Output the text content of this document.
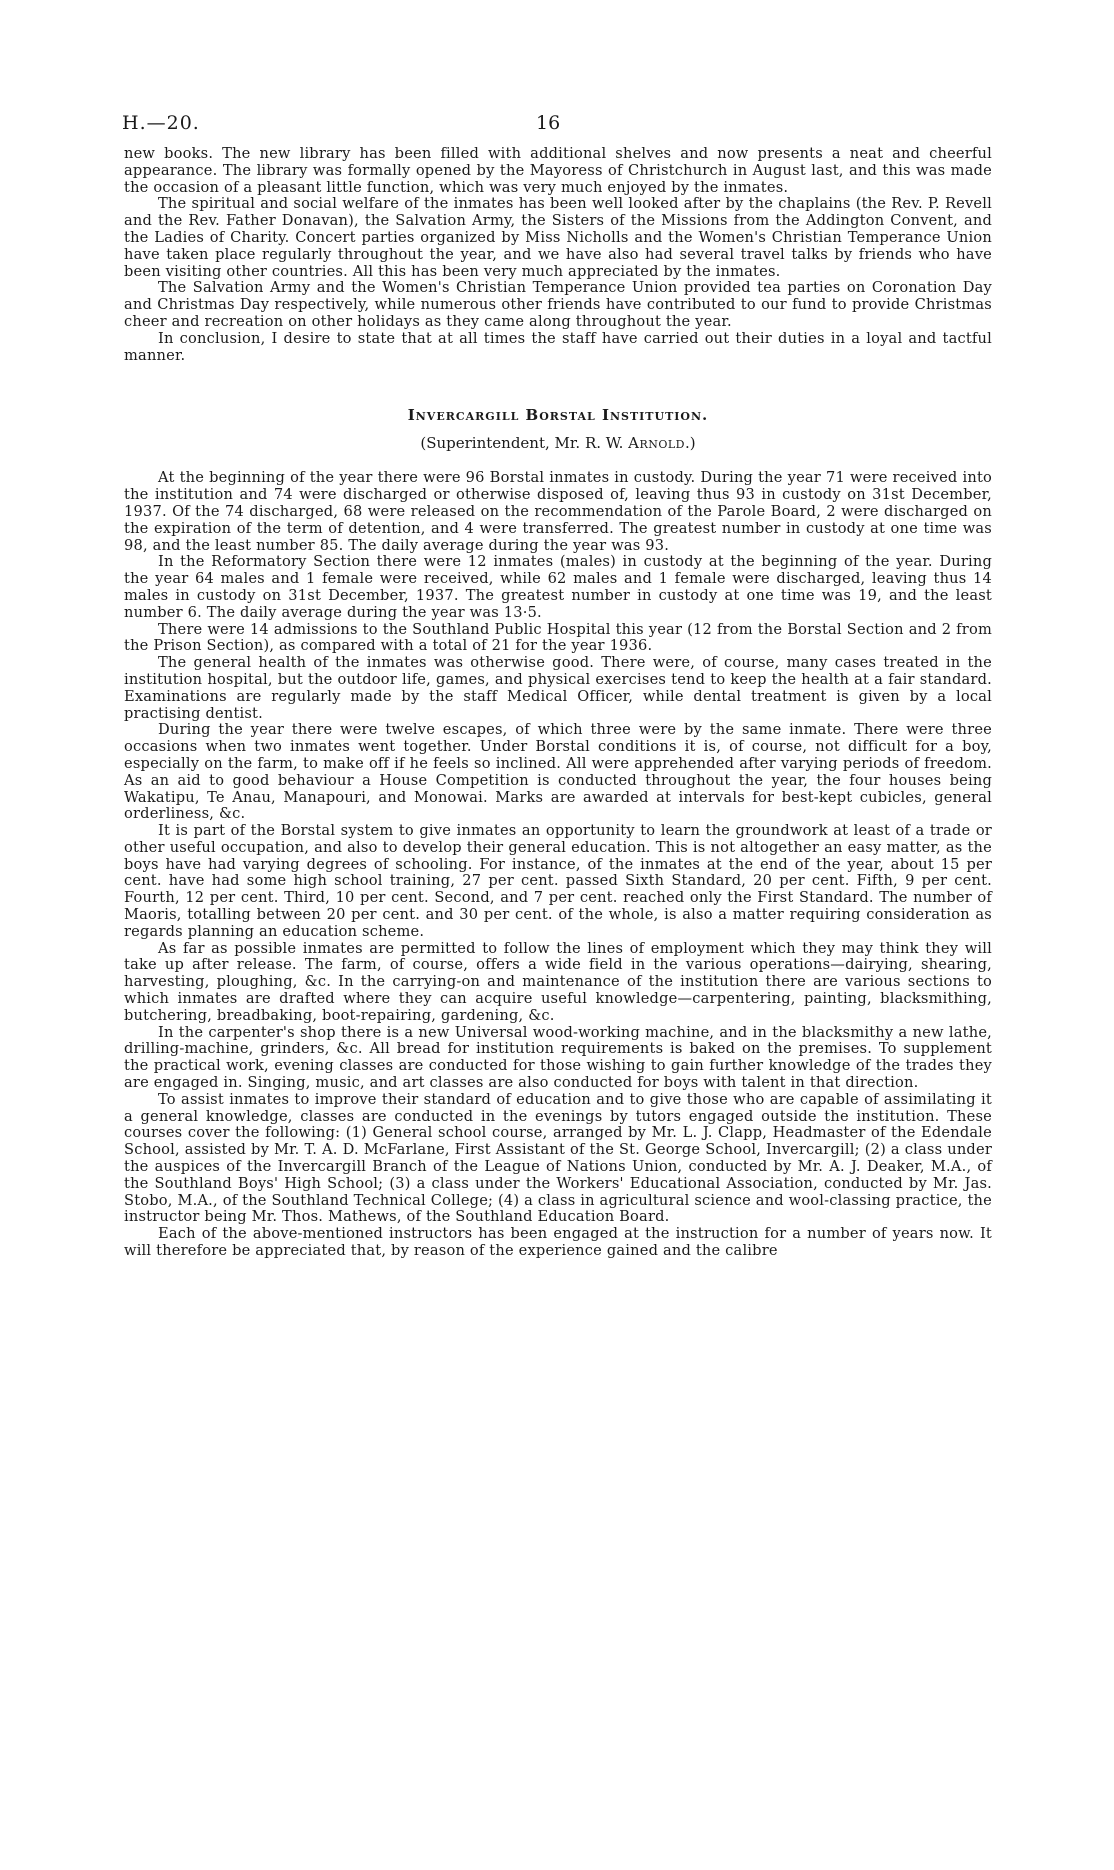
H.—20.	16

new books. The new library has been filled with additional shelves and now presents a neat and cheerful appearance. The library was formally opened by the Mayoress of Christchurch in August last, and this was made the occasion of a pleasant little function, which was very much enjoyed by the inmates.

The spiritual and social welfare of the inmates has been well looked after by the chaplains (the Rev. P. Revell and the Rev. Father Donavan), the Salvation Army, the Sisters of the Missions from the Addington Convent, and the Ladies of Charity. Concert parties organized by Miss Nicholls and the Women's Christian Temperance Union have taken place regularly throughout the year, and we have also had several travel talks by friends who have been visiting other countries. All this has been very much appreciated by the inmates.

The Salvation Army and the Women's Christian Temperance Union provided tea parties on Coronation Day and Christmas Day respectively, while numerous other friends have contributed to our fund to provide Christmas cheer and recreation on other holidays as they came along throughout the year.

In conclusion, I desire to state that at all times the staff have carried out their duties in a loyal and tactful manner.

Invercargill Borstal Institution.
(Superintendent, Mr. R. W. Arnold.)

At the beginning of the year there were 96 Borstal inmates in custody. During the year 71 were received into the institution and 74 were discharged or otherwise disposed of, leaving thus 93 in custody on 31st December, 1937. Of the 74 discharged, 68 were released on the recommendation of the Parole Board, 2 were discharged on the expiration of the term of detention, and 4 were transferred. The greatest number in custody at one time was 98, and the least number 85. The daily average during the year was 93.

In the Reformatory Section there were 12 inmates (males) in custody at the beginning of the year. During the year 64 males and 1 female were received, while 62 males and 1 female were discharged, leaving thus 14 males in custody on 31st December, 1937. The greatest number in custody at one time was 19, and the least number 6. The daily average during the year was 13·5.

There were 14 admissions to the Southland Public Hospital this year (12 from the Borstal Section and 2 from the Prison Section), as compared with a total of 21 for the year 1936.

The general health of the inmates was otherwise good. There were, of course, many cases treated in the institution hospital, but the outdoor life, games, and physical exercises tend to keep the health at a fair standard. Examinations are regularly made by the staff Medical Officer, while dental treatment is given by a local practising dentist.

During the year there were twelve escapes, of which three were by the same inmate. There were three occasions when two inmates went together. Under Borstal conditions it is, of course, not difficult for a boy, especially on the farm, to make off if he feels so inclined. All were apprehended after varying periods of freedom. As an aid to good behaviour a House Competition is conducted throughout the year, the four houses being Wakatipu, Te Anau, Manapouri, and Monowai. Marks are awarded at intervals for best-kept cubicles, general orderliness, &c.

It is part of the Borstal system to give inmates an opportunity to learn the groundwork at least of a trade or other useful occupation, and also to develop their general education. This is not altogether an easy matter, as the boys have had varying degrees of schooling. For instance, of the inmates at the end of the year, about 15 per cent. have had some high school training, 27 per cent. passed Sixth Standard, 20 per cent. Fifth, 9 per cent. Fourth, 12 per cent. Third, 10 per cent. Second, and 7 per cent. reached only the First Standard. The number of Maoris, totalling between 20 per cent. and 30 per cent. of the whole, is also a matter requiring consideration as regards planning an education scheme.

As far as possible inmates are permitted to follow the lines of employment which they may think they will take up after release. The farm, of course, offers a wide field in the various operations—dairying, shearing, harvesting, ploughing, &c. In the carrying-on and maintenance of the institution there are various sections to which inmates are drafted where they can acquire useful knowledge—carpentering, painting, blacksmithing, butchering, breadbaking, boot-repairing, gardening, &c.

In the carpenter's shop there is a new Universal wood-working machine, and in the blacksmithy a new lathe, drilling-machine, grinders, &c. All bread for institution requirements is baked on the premises. To supplement the practical work, evening classes are conducted for those wishing to gain further knowledge of the trades they are engaged in. Singing, music, and art classes are also conducted for boys with talent in that direction.

To assist inmates to improve their standard of education and to give those who are capable of assimilating it a general knowledge, classes are conducted in the evenings by tutors engaged outside the institution. These courses cover the following: (1) General school course, arranged by Mr. L. J. Clapp, Headmaster of the Edendale School, assisted by Mr. T. A. D. McFarlane, First Assistant of the St. George School, Invercargill; (2) a class under the auspices of the Invercargill Branch of the League of Nations Union, conducted by Mr. A. J. Deaker, M.A., of the Southland Boys' High School; (3) a class under the Workers' Educational Association, conducted by Mr. Jas. Stobo, M.A., of the Southland Technical College; (4) a class in agricultural science and wool-classing practice, the instructor being Mr. Thos. Mathews, of the Southland Education Board.

Each of the above-mentioned instructors has been engaged at the instruction for a number of years now. It will therefore be appreciated that, by reason of the experience gained and the calibre
